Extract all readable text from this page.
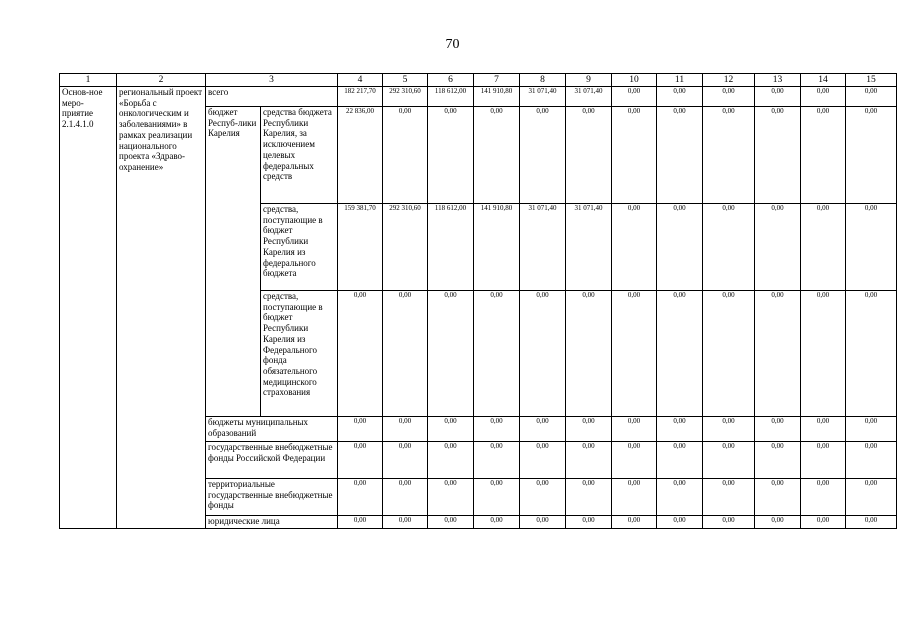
70
1	2	3		4	5	6	7	8	9	10	11	12	13	14	15
Основ-ное меро-приятие 2.1.4.1.0	региональный проект «Борьба с онкологическим и заболеваниями» в рамках реализации национального проекта «Здраво-охранение»	всего		182 217,70	292 310,60	118 612,00	141 910,80	31 071,40	31 071,40	0,00	0,00	0,00	0,00	0,00	0,00
		бюджет Респуб-лики Карелия	средства бюджета Республики Карелия, за исключением целевых федеральных средств	22 836,00	0,00	0,00	0,00	0,00	0,00	0,00	0,00	0,00	0,00	0,00	0,00
			средства, поступающие в бюджет Республики Карелия из федерального бюджета	159 381,70	292 310,60	118 612,00	141 910,80	31 071,40	31 071,40	0,00	0,00	0,00	0,00	0,00	0,00
			средства, поступающие в бюджет Республики Карелия из Федерального фонда обязательного медицинского страхования	0,00	0,00	0,00	0,00	0,00	0,00	0,00	0,00	0,00	0,00	0,00	0,00
		бюджеты муниципальных образований		0,00	0,00	0,00	0,00	0,00	0,00	0,00	0,00	0,00	0,00	0,00	0,00
		государственные внебюджетные фонды Российской Федерации		0,00	0,00	0,00	0,00	0,00	0,00	0,00	0,00	0,00	0,00	0,00	0,00
		территориальные государственные внебюджетные фонды		0,00	0,00	0,00	0,00	0,00	0,00	0,00	0,00	0,00	0,00	0,00	0,00
		юридические лица		0,00	0,00	0,00	0,00	0,00	0,00	0,00	0,00	0,00	0,00	0,00	0,00
